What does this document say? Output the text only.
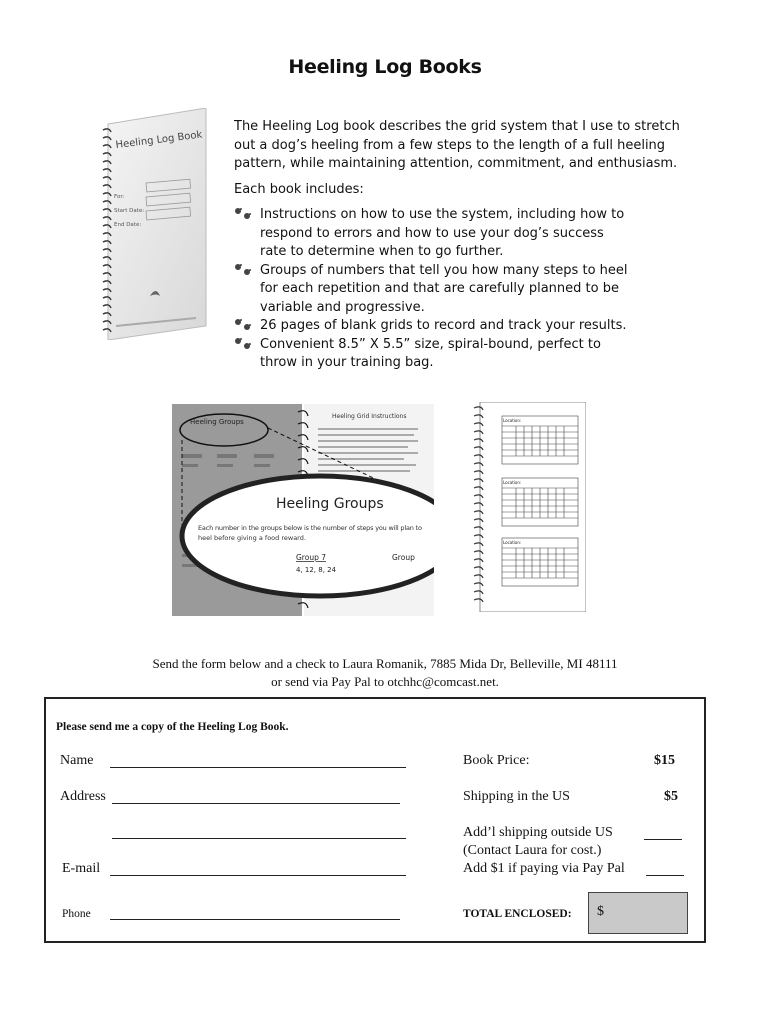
Heeling Log Books
Heeling Log Book
For:
Start Date:
End Date:
The Heeling Log book describes the grid system that I use to stretch out a dog’s heeling from a few steps to the length of a full heeling pattern, while maintaining attention, commitment, and enthusiasm.
Each book includes:
Instructions on how to use the system, including how to respond to errors and how to use your dog’s success rate to determine when to go further.
Groups of numbers that tell you how many steps to heel for each repetition and that are carefully planned to be variable and progressive.
26 pages of blank grids to record and track your results.
Convenient 8.5” X 5.5” size, spiral-bound, perfect to throw in your training bag.
Heeling Groups
Heeling Grid Instructions
Heeling Groups
Each number in the groups below is the number of steps you will plan to
heel before giving a food reward.
Group 7
4, 12, 8, 24
Group
Location:
Location:
Location:
Send the form below and a check to Laura Romanik, 7885 Mida Dr, Belleville, MI 48111
or send via Pay Pal to otchhc@comcast.net.
Please send me a copy of the Heeling Log Book.
Name
Address
E-mail
Phone
Book Price:	$15
Shipping in the US	$5
Add’l shipping outside US
(Contact Laura for cost.)
Add $1 if paying via Pay Pal
TOTAL ENCLOSED: $
